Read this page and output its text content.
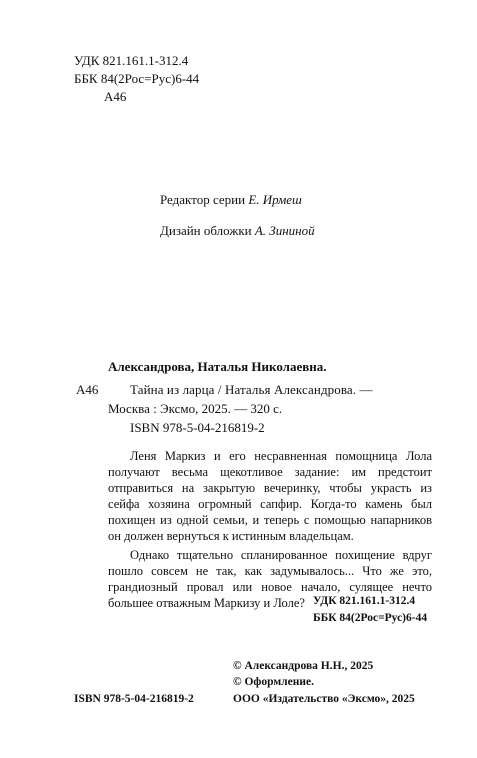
УДК 821.161.1-312.4
ББК 84(2Рос=Рус)6-44
А46
Редактор серии Е. Ирмеш
Дизайн обложки А. Зининой
Александрова, Наталья Николаевна.
А46 Тайна из ларца / Наталья Александрова. —
Москва : Эксмо, 2025. — 320 с.
ISBN 978-5-04-216819-2

Леня Маркиз и его несравненная помощница Лола получают весьма щекотливое задание: им предстоит отправиться на закрытую вечеринку, чтобы украсть из сейфа хозяина огромный сапфир. Когда-то камень был похищен из одной семьи, и теперь с помощью напарников он должен вернуться к истинным владельцам.

Однако тщательно спланированное похищение вдруг пошло совсем не так, как задумывалось... Что же это, грандиозный провал или новое начало, сулящее нечто большее отважным Маркизу и Лоле? УДК 821.161.1-312.4
ББК 84(2Рос=Рус)6-44
© Александрова Н.Н., 2025
© Оформление.
ООО «Издательство «Эксмо», 2025
ISBN 978-5-04-216819-2
